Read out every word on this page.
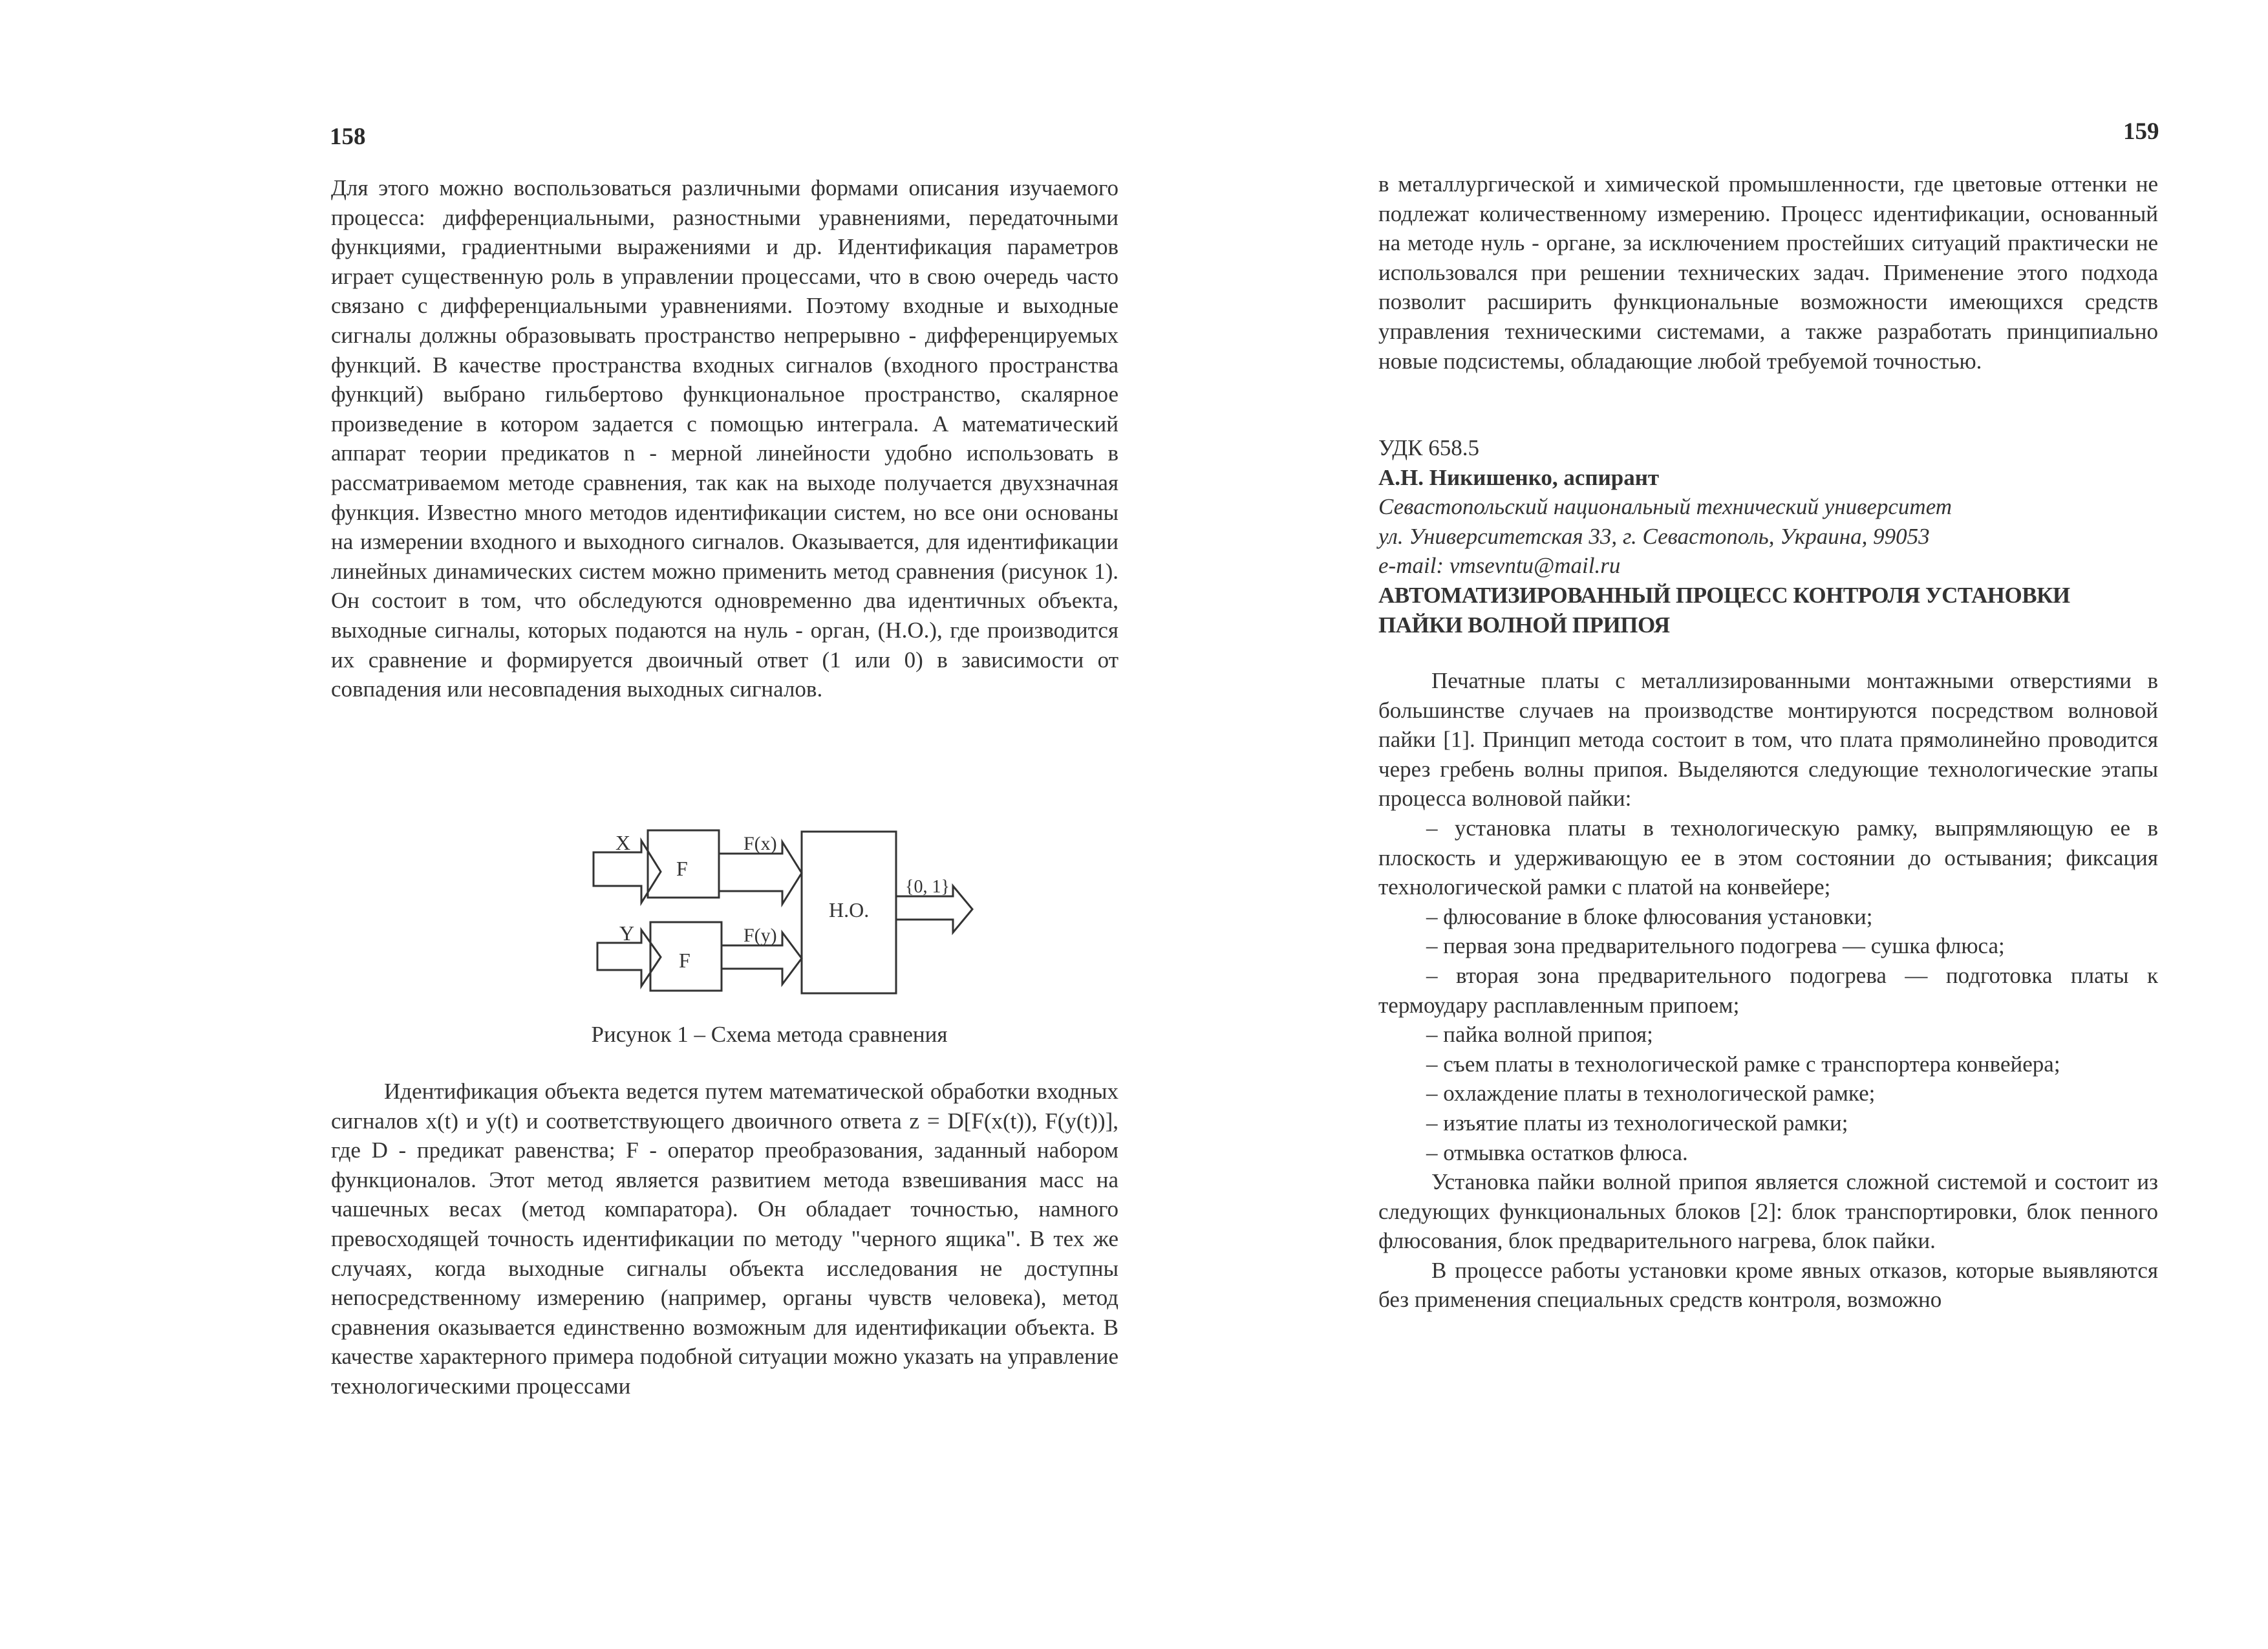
158

Для этого можно воспользоваться различными формами описания изучаемого процесса: дифференциальными, разностными уравнениями, передаточными функциями, градиентными выражениями и др. Идентификация параметров играет существенную роль в управлении процессами, что в свою очередь часто связано с дифференциальными уравнениями. Поэтому входные и выходные сигналы должны образовывать пространство непрерывно - дифференцируемых функций. В качестве пространства входных сигналов (входного пространства функций) выбрано гильбертово функциональное пространство, скалярное произведение в котором задается с помощью интеграла. А математический аппарат теории предикатов n - мерной линейности удобно использовать в рассматриваемом методе сравнения, так как на выходе получается двухзначная функция. Известно много методов идентификации систем, но все они основаны на измерении входного и выходного сигналов. Оказывается, для идентификации линейных динамических систем можно применить метод сравнения (рисунок 1). Он состоит в том, что обследуются одновременно два идентичных объекта, выходные сигналы, которых подаются на нуль - орган, (Н.О.), где производится их сравнение и формируется двоичный ответ (1 или 0) в зависимости от совпадения или несовпадения выходных сигналов.

X
F
F(x)
Y
F
F(y)
Н.О.
{0, 1}
Рисунок 1 – Схема метода сравнения

Идентификация объекта ведется путем математической обработки входных сигналов x(t) и y(t) и соответствующего двоичного ответа z = D[F(x(t)), F(y(t))], где D - предикат равенства; F - оператор преобразования, заданный набором функционалов. Этот метод является развитием метода взвешивания масс на чашечных весах (метод компаратора). Он обладает точностью, намного превосходящей точность идентификации по методу "черного ящика". В тех же случаях, когда выходные сигналы объекта исследования не доступны непосредственному измерению (например, органы чувств человека), метод сравнения оказывается единственно возможным для идентификации объекта. В качестве характерного примера подобной ситуации можно указать на управление технологическими процессами

159

в металлургической и химической промышленности, где цветовые оттенки не подлежат количественному измерению. Процесс идентификации, основанный на методе нуль - органе, за исключением простейших ситуаций практически не использовался при решении технических задач. Применение этого подхода позволит расширить функциональные возможности имеющихся средств управления техническими системами, а также разработать принципиально новые подсистемы, обладающие любой требуемой точностью.

УДК 658.5

А.Н. Никишенко, аспирант

Севастопольский национальный технический университет

ул. Университетская 33, г. Севастополь, Украина, 99053

e-mail: vmsevntu@mail.ru

АВТОМАТИЗИРОВАННЫЙ ПРОЦЕСС КОНТРОЛЯ УСТАНОВКИ ПАЙКИ ВОЛНОЙ ПРИПОЯ

Печатные платы с металлизированными монтажными отверстиями в большинстве случаев на производстве монтируются посредством волновой пайки [1]. Принцип метода состоит в том, что плата прямолинейно проводится через гребень волны припоя. Выделяются следующие технологические этапы процесса волновой пайки:

– установка платы в технологическую рамку, выпрямляющую ее в плоскость и удерживающую ее в этом состоянии до остывания; фиксация технологической рамки с платой на конвейере;

– флюсование в блоке флюсования установки;

– первая зона предварительного подогрева — сушка флюса;

– вторая зона предварительного подогрева — подготовка платы к термоудару расплавленным припоем;

– пайка волной припоя;

– съем платы в технологической рамке с транспортера конвейера;

– охлаждение платы в технологической рамке;

– изъятие платы из технологической рамки;

– отмывка остатков флюса.

Установка пайки волной припоя является сложной системой и состоит из следующих функциональных блоков [2]: блок транспортировки, блок пенного флюсования, блок предварительного нагрева, блок пайки.

В процессе работы установки кроме явных отказов, которые выявляются без применения специальных средств контроля, возможно
